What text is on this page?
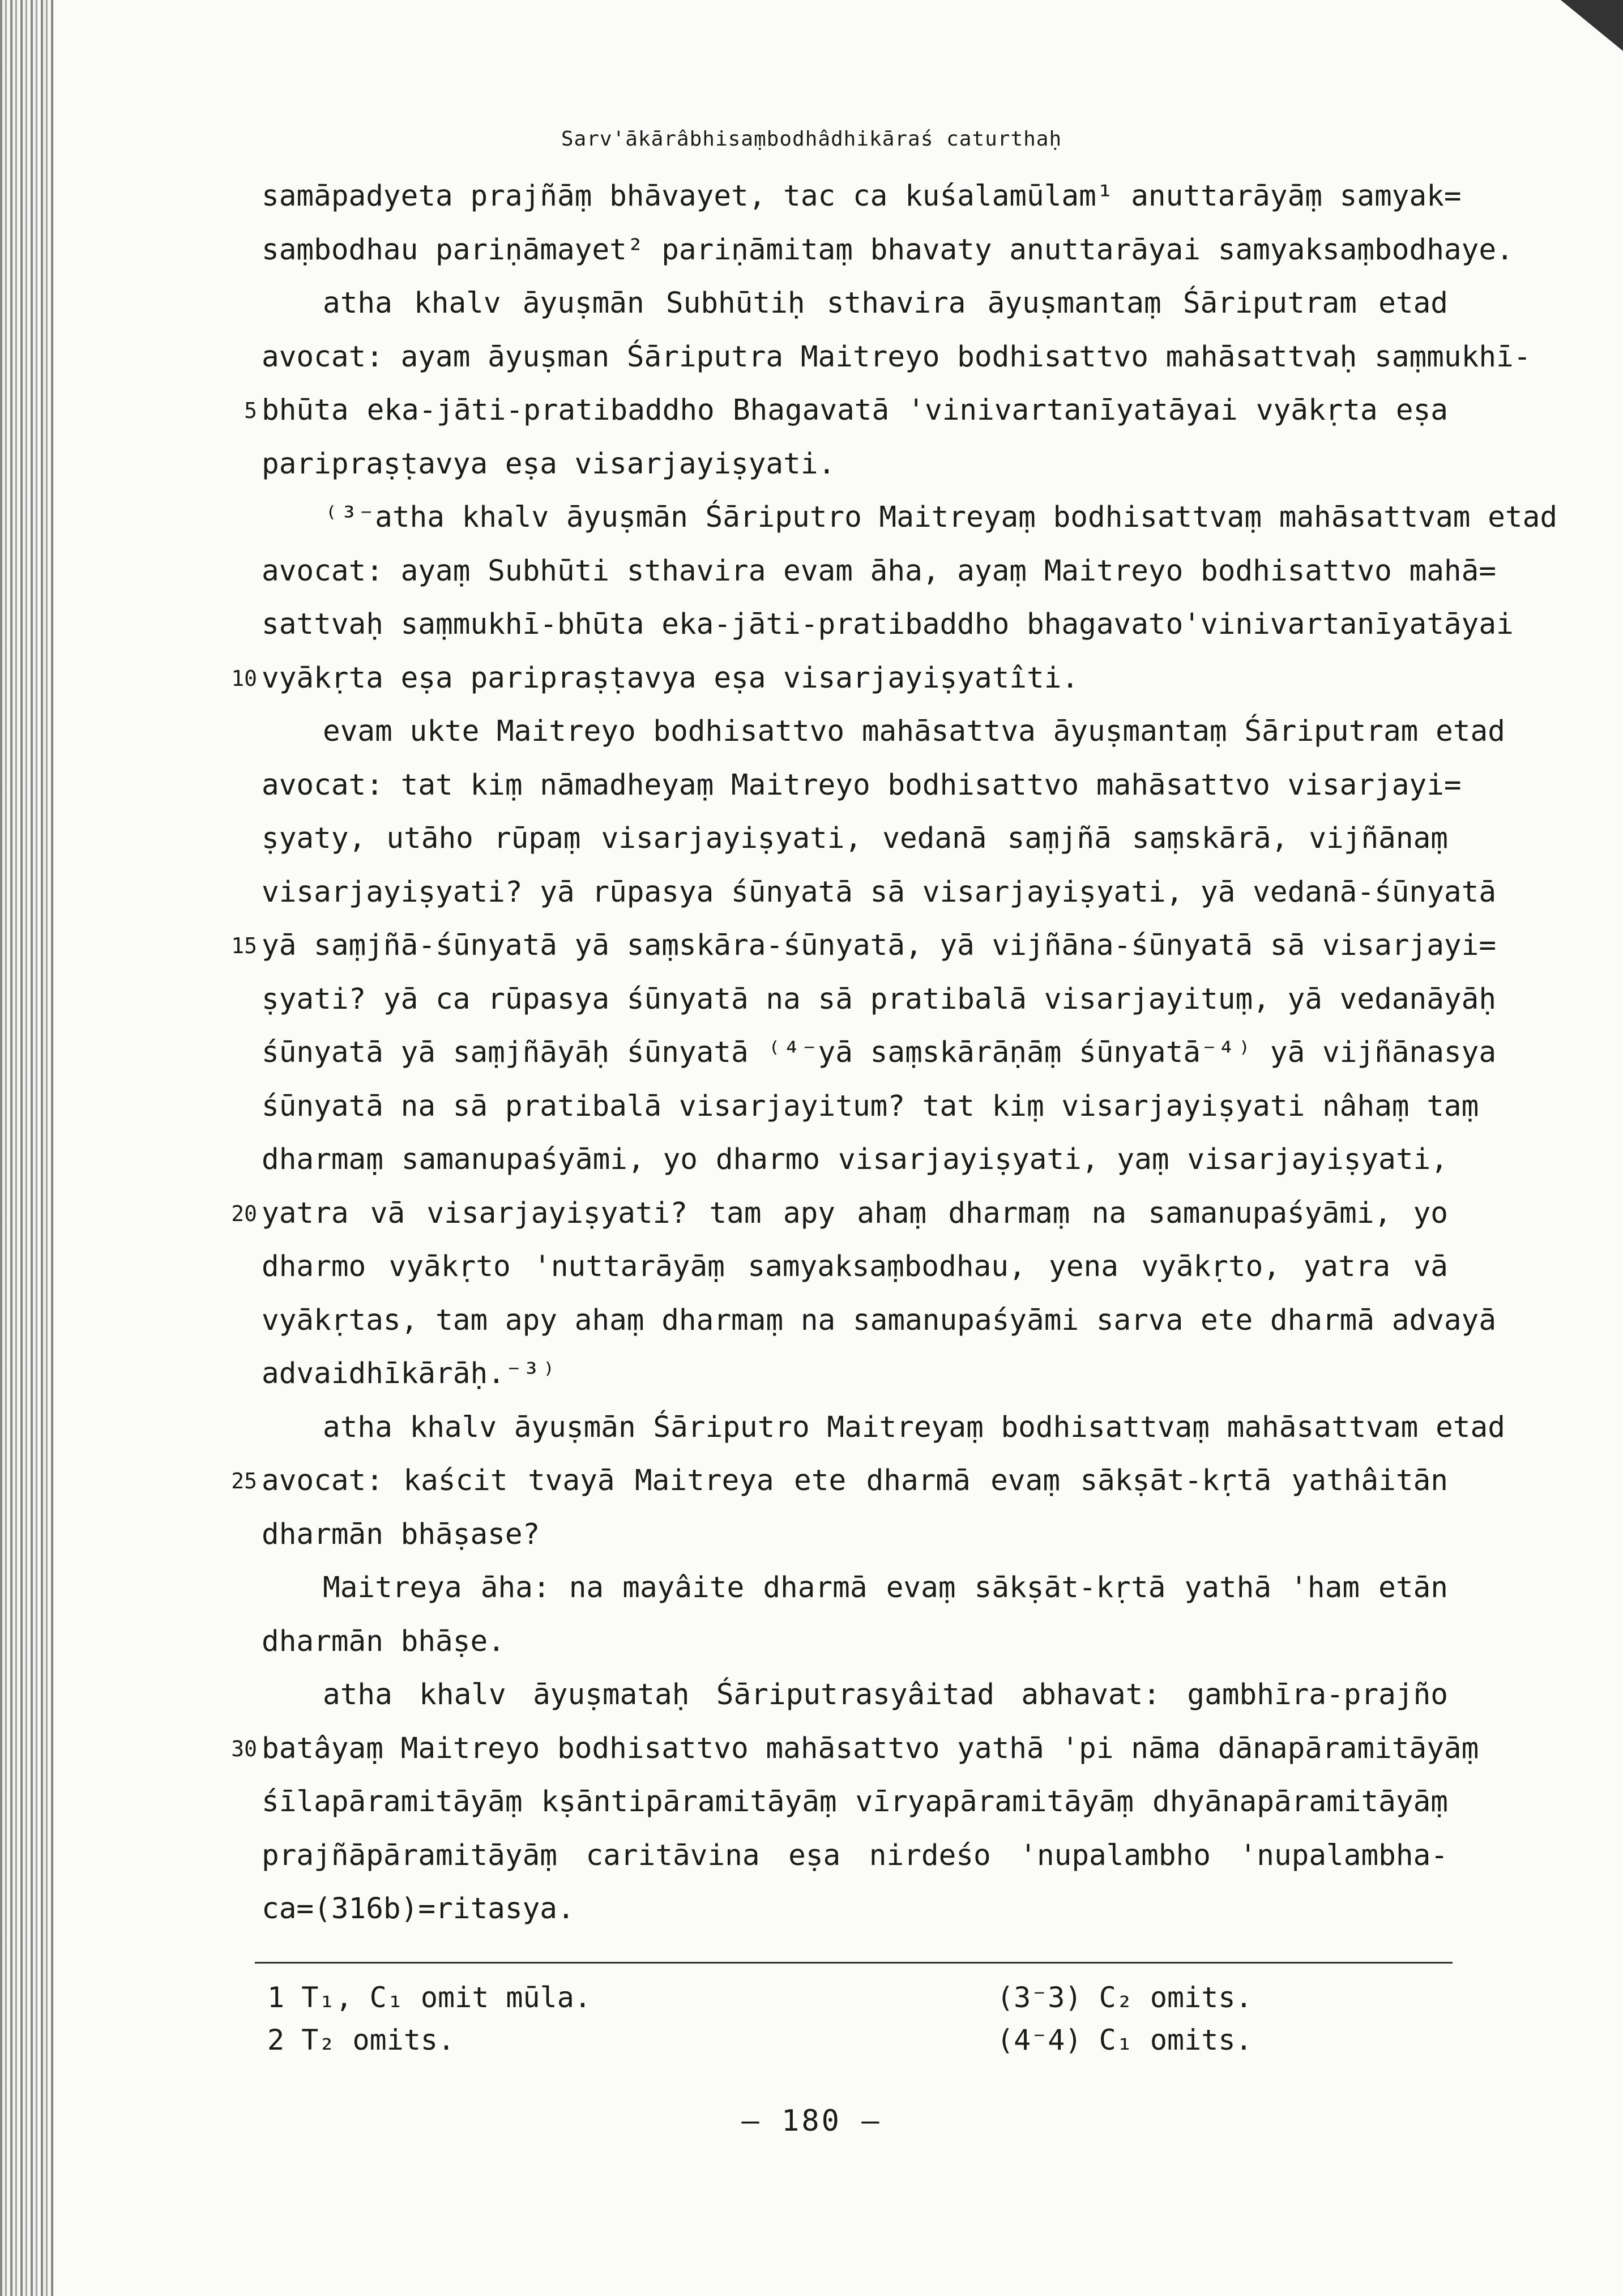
Sarv'ākārâbhisaṃbodhâdhikāraś caturthaḥ
samāpadyeta prajñāṃ bhāvayet, tac ca kuśalamūlam¹ anuttarāyāṃ samyak=
saṃbodhau pariṇāmayet² pariṇāmitaṃ bhavaty anuttarāyai samyaksaṃbodhaye.
atha khalv āyuṣmān Subhūtiḥ sthavira āyuṣmantaṃ Śāriputram etad
avocat: ayam āyuṣman Śāriputra Maitreyo bodhisattvo mahāsattvaḥ saṃmukhī-
5 bhūta eka-jāti-pratibaddho Bhagavatā 'vinivartanīyatāyai vyākṛta eṣa
paripraṣṭavya eṣa visarjayiṣyati.
⁽³⁻atha khalv āyuṣmān Śāriputro Maitreyaṃ bodhisattvaṃ mahāsattvam etad
avocat: ayaṃ Subhūti sthavira evam āha, ayaṃ Maitreyo bodhisattvo mahā=
sattvaḥ saṃmukhī-bhūta eka-jāti-pratibaddho bhagavato'vinivartanīyatāyai
10 vyākṛta eṣa paripraṣṭavya eṣa visarjayiṣyatîti.
evam ukte Maitreyo bodhisattvo mahāsattva āyuṣmantaṃ Śāriputram etad
avocat: tat kiṃ nāmadheyaṃ Maitreyo bodhisattvo mahāsattvo visarjayi=
ṣyaty, utāho rūpaṃ visarjayiṣyati, vedanā saṃjñā saṃskārā, vijñānaṃ
visarjayiṣyati? yā rūpasya śūnyatā sā visarjayiṣyati, yā vedanā-śūnyatā
15 yā saṃjñā-śūnyatā yā saṃskāra-śūnyatā, yā vijñāna-śūnyatā sā visarjayi=
ṣyati? yā ca rūpasya śūnyatā na sā pratibalā visarjayituṃ, yā vedanāyāḥ
śūnyatā yā saṃjñāyāḥ śūnyatā ⁽⁴⁻yā saṃskārāṇāṃ śūnyatā⁻⁴⁾ yā vijñānasya
śūnyatā na sā pratibalā visarjayitum? tat kiṃ visarjayiṣyati nâhaṃ taṃ
dharmaṃ samanupaśyāmi, yo dharmo visarjayiṣyati, yaṃ visarjayiṣyati,
20 yatra vā visarjayiṣyati? tam apy ahaṃ dharmaṃ na samanupaśyāmi, yo
dharmo vyākṛto 'nuttarāyāṃ samyaksaṃbodhau, yena vyākṛto, yatra vā
vyākṛtas, tam apy ahaṃ dharmaṃ na samanupaśyāmi sarva ete dharmā advayā
advaidhīkārāḥ.⁻³⁾
atha khalv āyuṣmān Śāriputro Maitreyaṃ bodhisattvaṃ mahāsattvam etad
25 avocat: kaścit tvayā Maitreya ete dharmā evaṃ sākṣāt-kṛtā yathâitān
dharmān bhāṣase?
Maitreya āha: na mayâite dharmā evaṃ sākṣāt-kṛtā yathā 'ham etān
dharmān bhāṣe.
atha khalv āyuṣmataḥ Śāriputrasyâitad abhavat: gambhīra-prajño
30 batâyaṃ Maitreyo bodhisattvo mahāsattvo yathā 'pi nāma dānapāramitāyāṃ
śīlapāramitāyāṃ kṣāntipāramitāyāṃ vīryapāramitāyāṃ dhyānapāramitāyāṃ
prajñāpāramitāyāṃ caritāvina eṣa nirdeśo 'nupalambho 'nupalambha-
ca=(316b)=ritasya.
1 T₁, C₁ omit mūla.
2 T₂ omits.
(3⁻3) C₂ omits.
(4⁻4) C₁ omits.
— 180 —
